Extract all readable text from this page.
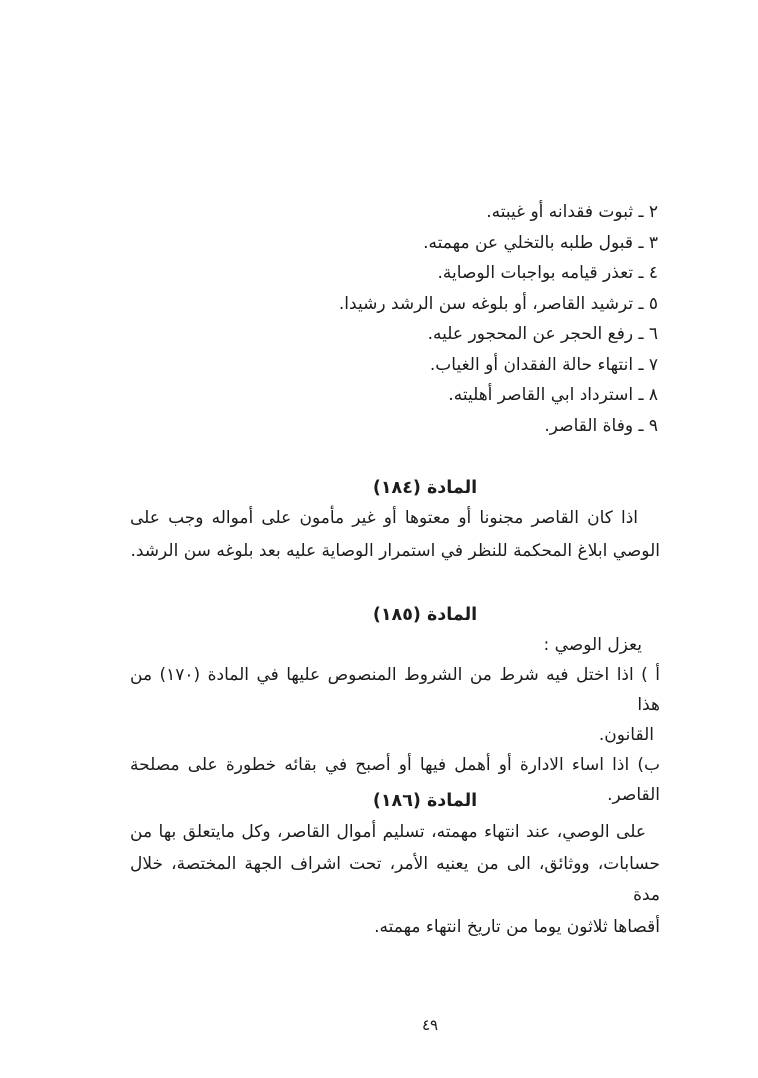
٢ ـ ثبوت فقدانه أو غيبته.
٣ ـ قبول طلبه بالتخلي عن مهمته.
٤ ـ تعذر قيامه بواجبات الوصاية.
٥ ـ ترشيد القاصر، أو بلوغه سن الرشد رشيدا.
٦ ـ رفع الحجر عن المحجور عليه.
٧ ـ انتهاء حالة الفقدان أو الغياب.
٨ ـ استرداد ابي القاصر أهليته.
٩ ـ وفاة القاصر.
المادة (١٨٤)
اذا كان القاصر مجنونا أو معتوها أو غير مأمون على أمواله وجب على
الوصي ابلاغ المحكمة للنظر في استمرار الوصاية عليه بعد بلوغه سن الرشد.
المادة (١٨٥)
يعزل الوصي :
أ ) اذا اختل فيه شرط من الشروط المنصوص عليها في المادة (١٧٠) من هذا
القانون.
ب) اذا اساء الادارة أو أهمل فيها أو أصبح في بقائه خطورة على مصلحة القاصر.
المادة (١٨٦)
على الوصي، عند انتهاء مهمته، تسليم أموال القاصر، وكل مايتعلق بها من
حسابات، ووثائق، الى من يعنيه الأمر، تحت اشراف الجهة المختصة، خلال مدة
أقصاها ثلاثون يوما من تاريخ انتهاء مهمته.
٤٩
